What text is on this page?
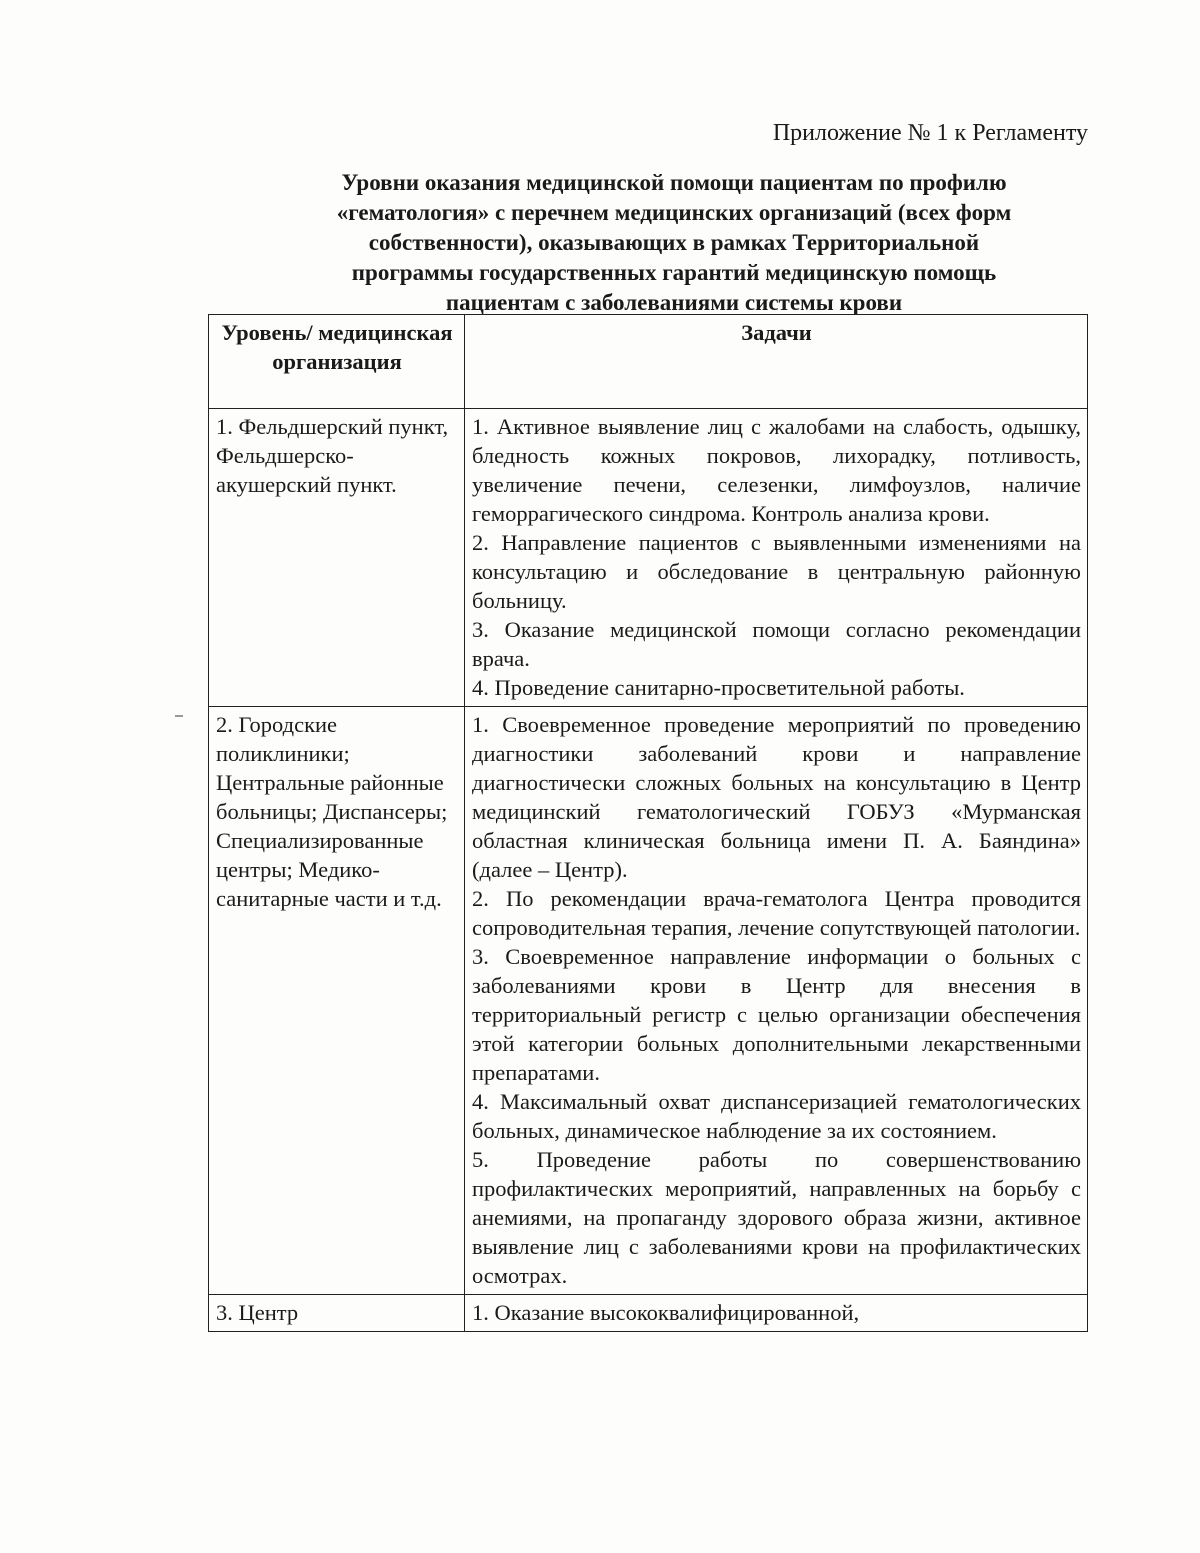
Приложение № 1 к Регламенту
Уровни оказания медицинской помощи пациентам по профилю
«гематология» с перечнем медицинских организаций (всех форм
собственности), оказывающих в рамках Территориальной
программы государственных гарантий медицинскую помощь
пациентам с заболеваниями системы крови
Уровень/ медицинская организация	Задачи
1. Фельдшерский пункт, Фельдшерско-акушерский пункт.	1. Активное выявление лиц с жалобами на слабость, одышку, бледность кожных покровов, лихорадку, потливость, увеличение печени, селезенки, лимфоузлов, наличие геморрагического синдрома. Контроль анализа крови.

2. Направление пациентов с выявленными изменениями на консультацию и обследование в центральную районную больницу.

3. Оказание медицинской помощи согласно рекомендации врача.

4. Проведение санитарно-просветительной работы.

2. Городские поликлиники; Центральные районные больницы; Диспансеры; Специализированные центры; Медико-санитарные части и т.д.	1. Своевременное проведение мероприятий по проведению диагностики заболеваний крови и направление диагностически сложных больных на консультацию в Центр медицинский гематологический ГОБУЗ «Мурманская областная клиническая больница имени П. А. Баяндина» (далее – Центр).

2. По рекомендации врача-гематолога Центра проводится сопроводительная терапия, лечение сопутствующей патологии.

3. Своевременное направление информации о больных с заболеваниями крови в Центр для внесения в территориальный регистр с целью организации обеспечения этой категории больных дополнительными лекарственными препаратами.

4. Максимальный охват диспансеризацией гематологических больных, динамическое наблюдение за их состоянием.

5. Проведение работы по совершенствованию профилактических мероприятий, направленных на борьбу с анемиями, на пропаганду здорового образа жизни, активное выявление лиц с заболеваниями крови на профилактических осмотрах.

3. Центр	1. Оказание высококвалифицированной,
